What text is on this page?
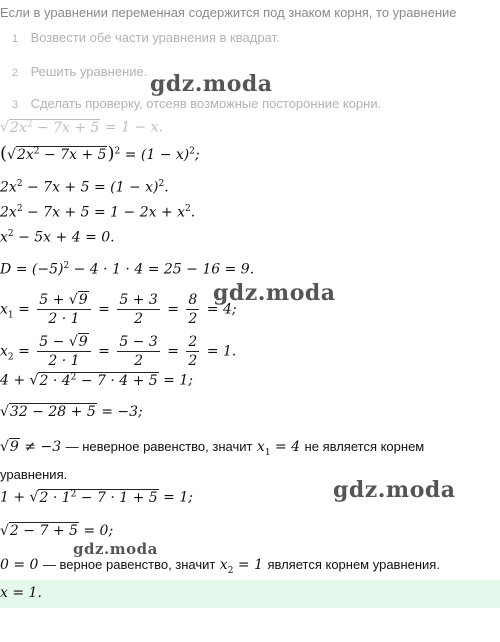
Если в уравнении переменная содержится под знаком корня, то уравнение
1 Возвести обе части уравнения в квадрат.
2 Решить уравнение.
3 Сделать проверку, отсеяв возможные посторонние корни.
$√2x^2 - 7x + 5 = 1 - x$.
$(√2x^2 - 7x + 5)^2 = (1 - x)^2$;
$2x^2 - 7x + 5 = (1 - x)^2$.
$2x^2 - 7x + 5 = 1 - 2x + x^2$.
$x^2 - 5x + 4 = 0$.
$D = (-5)^2 - 4 \cdot 1 \cdot 4 = 25 - 16 = 9$.
$x_1 = \frac{5 + √9}{2 \cdot 1} = \frac{5 + 3}{2} = \frac{8}{2} = 4$;
$x_2 = \frac{5 - √9}{2 \cdot 1} = \frac{5 - 3}{2} = \frac{2}{2} = 1$.
$4 + √2 \cdot 4^2 - 7 \cdot 4 + 5 = 1$;
√32 − 28 + 5 = −3;
√9 ≠ −3 — неверное равенство, значит $x_1 = 4$ не является корнем
уравнения.
$1 + √2 \cdot 1^2 - 7 \cdot 1 + 5 = 1$;
√2 − 7 + 5 = 0;
0 = 0 — верное равенство, значит $x_2 = 1$ является корнем уравнения.
x = 1.
gdz.moda
gdz.moda
gdz.moda
gdz.moda
